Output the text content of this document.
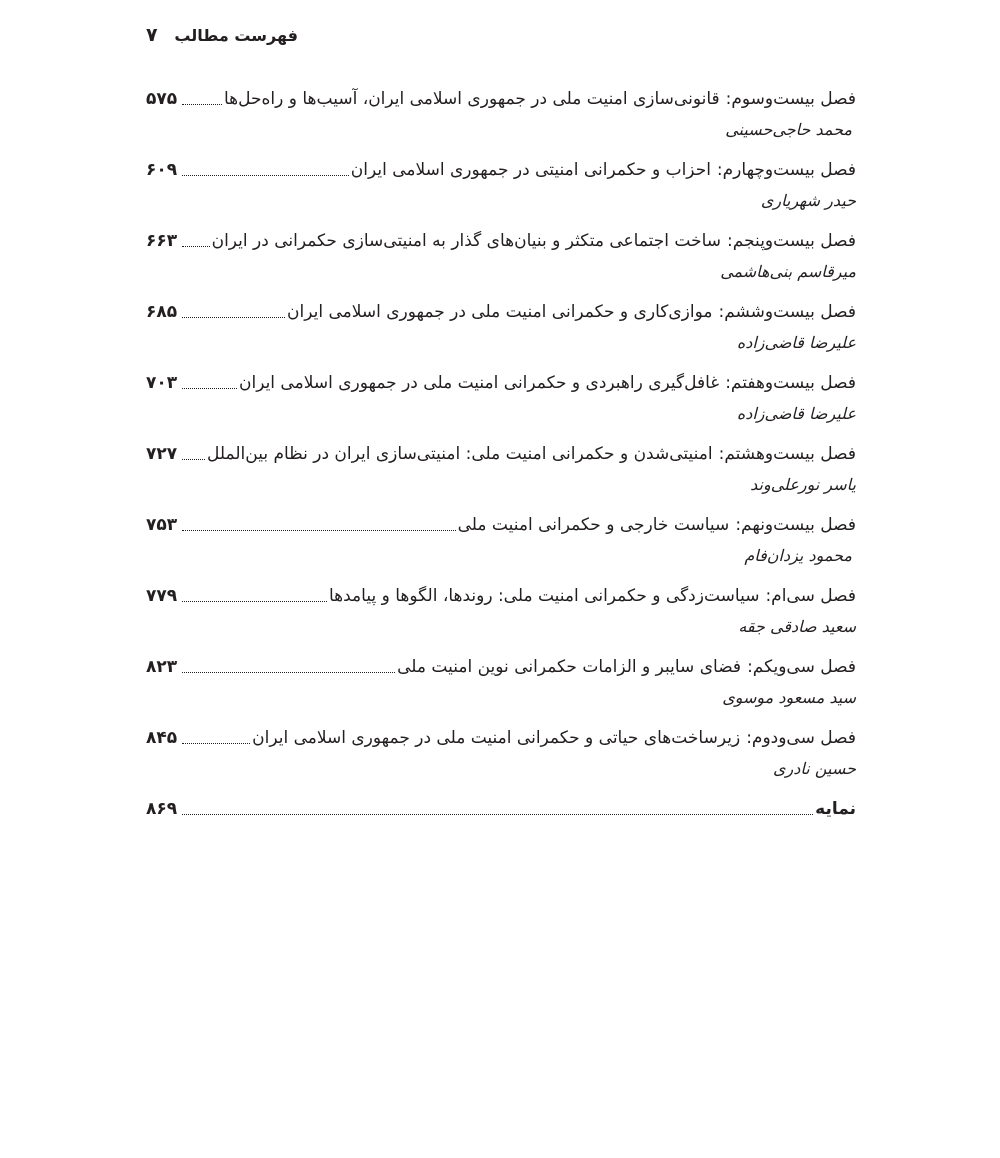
۷ فهرست مطالب
فصل بیست‌وسوم:قانونی‌سازی امنیت ملی در جمهوری اسلامی ایران، آسیب‌ها و راه‌حل‌ها
۵۷۵
محمد حاجی‌حسینی
فصل بیست‌وچهارم:احزاب و حکمرانی امنیتی در جمهوری اسلامی ایران
۶۰۹
حیدر شهریاری
فصل بیست‌وپنجم:ساخت اجتماعی متکثر و بنیان‌های گذار به امنیتی‌سازی حکمرانی در ایران
۶۶۳
میرقاسم بنی‌هاشمی
فصل بیست‌وششم:موازی‌کاری و حکمرانی امنیت ملی در جمهوری اسلامی ایران
۶۸۵
علیرضا قاضی‌زاده
فصل بیست‌وهفتم:غافل‌گیری راهبردی و حکمرانی امنیت ملی در جمهوری اسلامی ایران
۷۰۳
علیرضا قاضی‌زاده
فصل بیست‌وهشتم:امنیتی‌شدن و حکمرانی امنیت ملی: امنیتی‌سازی ایران در نظام بین‌الملل
۷۲۷
یاسر نورعلی‌وند
فصل بیست‌ونهم:سیاست خارجی و حکمرانی امنیت ملی
۷۵۳
محمود یزدان‌فام
فصل سی‌ام:سیاست‌زدگی و حکمرانی امنیت ملی: روندها، الگوها و پیامدها
۷۷۹
سعید صادقی جقه
فصل سی‌ویکم:فضای سایبر و الزامات حکمرانی نوین امنیت ملی
۸۲۳
سید مسعود موسوی
فصل سی‌ودوم:زیرساخت‌های حیاتی و حکمرانی امنیت ملی در جمهوری اسلامی ایران
۸۴۵
حسین نادری
نمایه
۸۶۹
